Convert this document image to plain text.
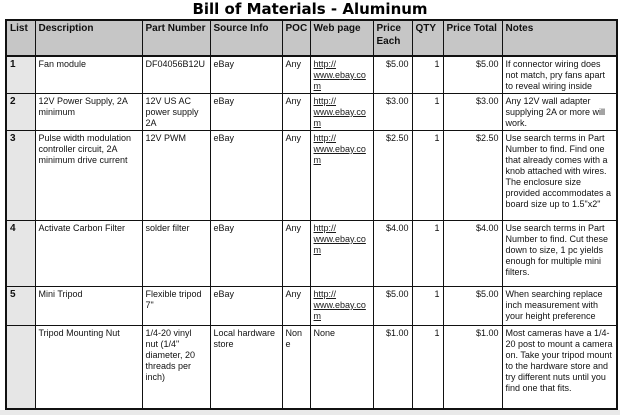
Bill of Materials - Aluminum
List	Description	Part Number	Source Info	POC	Web page	Price Each	QTY	Price Total	Notes
1	Fan module	DF04056B12U	eBay	Any	http://​www.ebay.com	$5.00	1	$5.00	If connector wiring does not match, pry fans apart to reveal wiring inside
2	12V Power Supply, 2A minimum	12V US AC power supply 2A	eBay	Any	http://​www.ebay.com	$3.00	1	$3.00	Any 12V wall adapter supplying 2A or more will work.
3	Pulse width modulation controller circuit, 2A minimum drive current	12V PWM	eBay	Any	http://​www.ebay.com	$2.50	1	$2.50	Use search terms in Part Number to find. Find one that already comes with a knob attached with wires. The enclosure size provided accommodates a board size up to 1.5"x2"
4	Activate Carbon Filter	solder filter	eBay	Any	http://​www.ebay.com	$4.00	1	$4.00	Use search terms in Part Number to find. Cut these down to size, 1 pc yields enough for multiple mini filters.
5	Mini Tripod	Flexible tripod 7"	eBay	Any	http://​www.ebay.com	$5.00	1	$5.00	When searching replace inch measurement with your height preference
	Tripod Mounting Nut	1/4-20 vinyl nut (1/4" diameter, 20 threads per inch)	Local hardware store	None	None	$1.00	1	$1.00	Most cameras have a 1/4-20 post to mount a camera on. Take your tripod mount to the hardware store and try different nuts until you find one that fits.
